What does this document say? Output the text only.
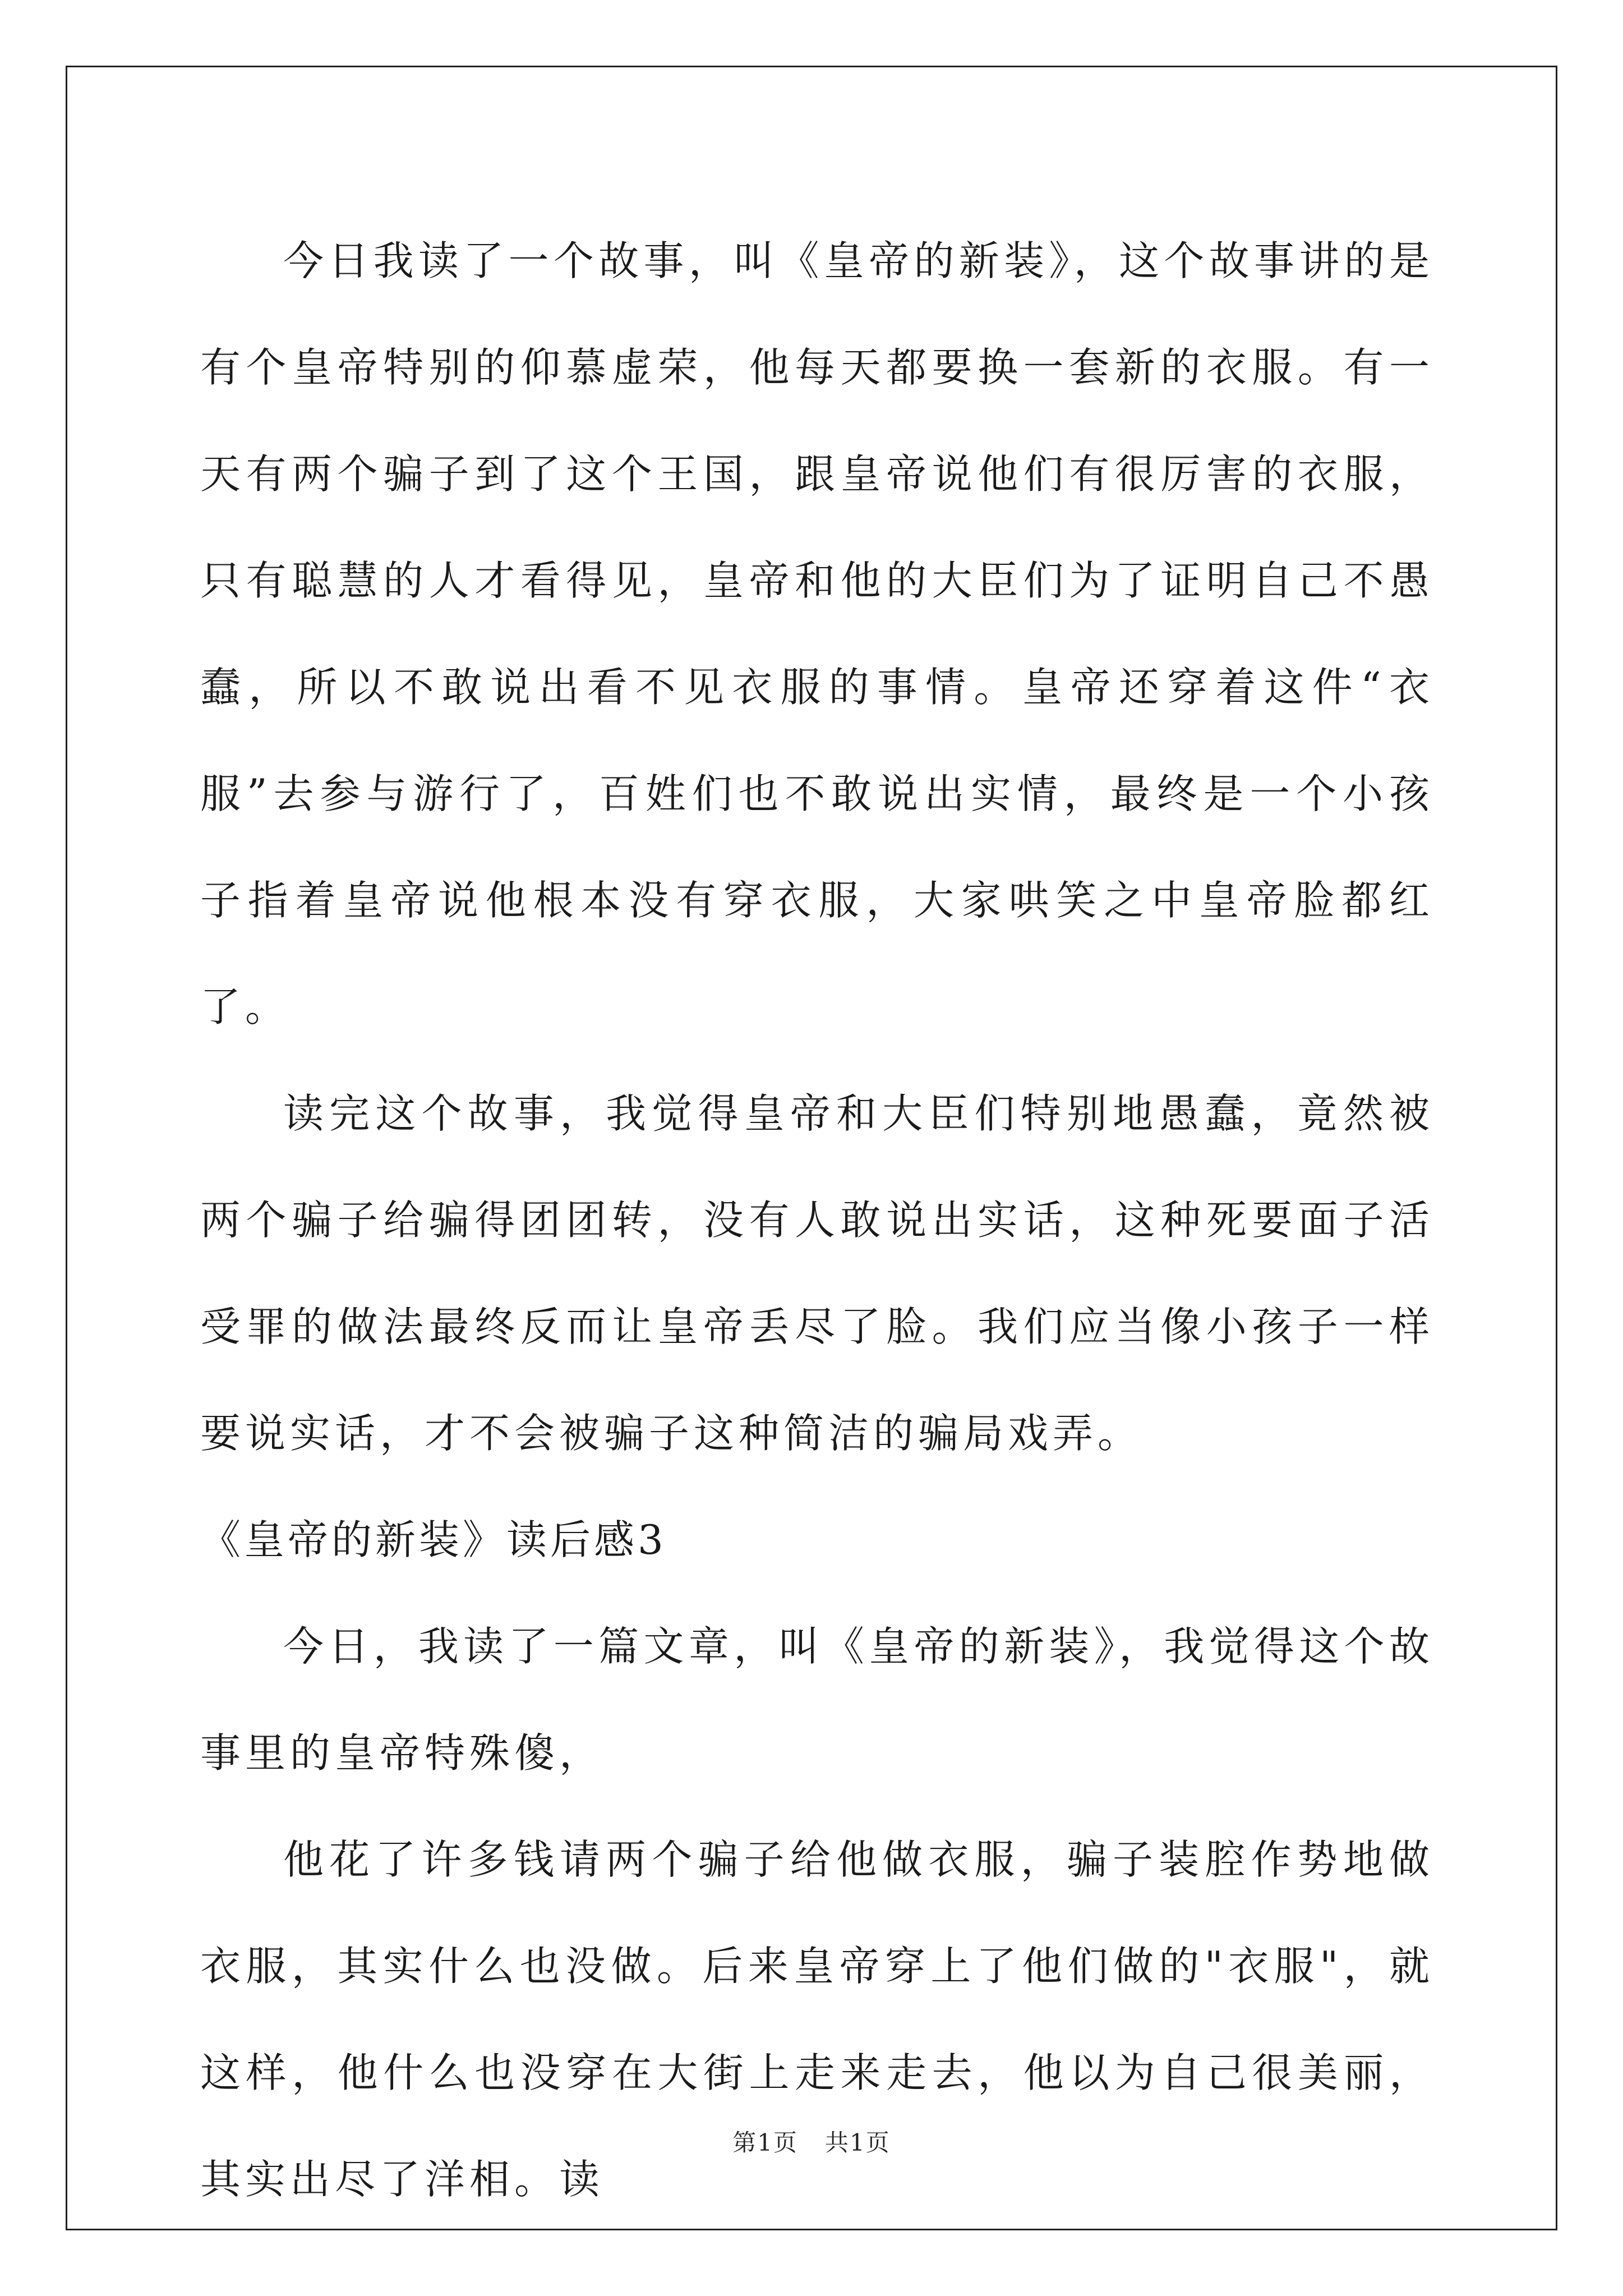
今日我读了一个故事，叫《皇帝的新装》，这个故事讲的是有个皇帝特别的仰慕虚荣，他每天都要换一套新的衣服。有一天有两个骗子到了这个王国，跟皇帝说他们有很厉害的衣服，只有聪慧的人才看得见，皇帝和他的大臣们为了证明自己不愚蠢，所以不敢说出看不见衣服的事情。皇帝还穿着这件“衣服”去参与游行了，百姓们也不敢说出实情，最终是一个小孩子指着皇帝说他根本没有穿衣服，大家哄笑之中皇帝脸都红了。

读完这个故事，我觉得皇帝和大臣们特别地愚蠢，竟然被两个骗子给骗得团团转，没有人敢说出实话，这种死要面子活受罪的做法最终反而让皇帝丢尽了脸。我们应当像小孩子一样要说实话，才不会被骗子这种简洁的骗局戏弄。

《皇帝的新装》读后感3

今日，我读了一篇文章，叫《皇帝的新装》，我觉得这个故事里的皇帝特殊傻，

他花了许多钱请两个骗子给他做衣服，骗子装腔作势地做衣服，其实什么也没做。后来皇帝穿上了他们做的"衣服"，就这样，他什么也没穿在大街上走来走去，他以为自己很美丽，其实出尽了洋相。读

第1页 共1页
